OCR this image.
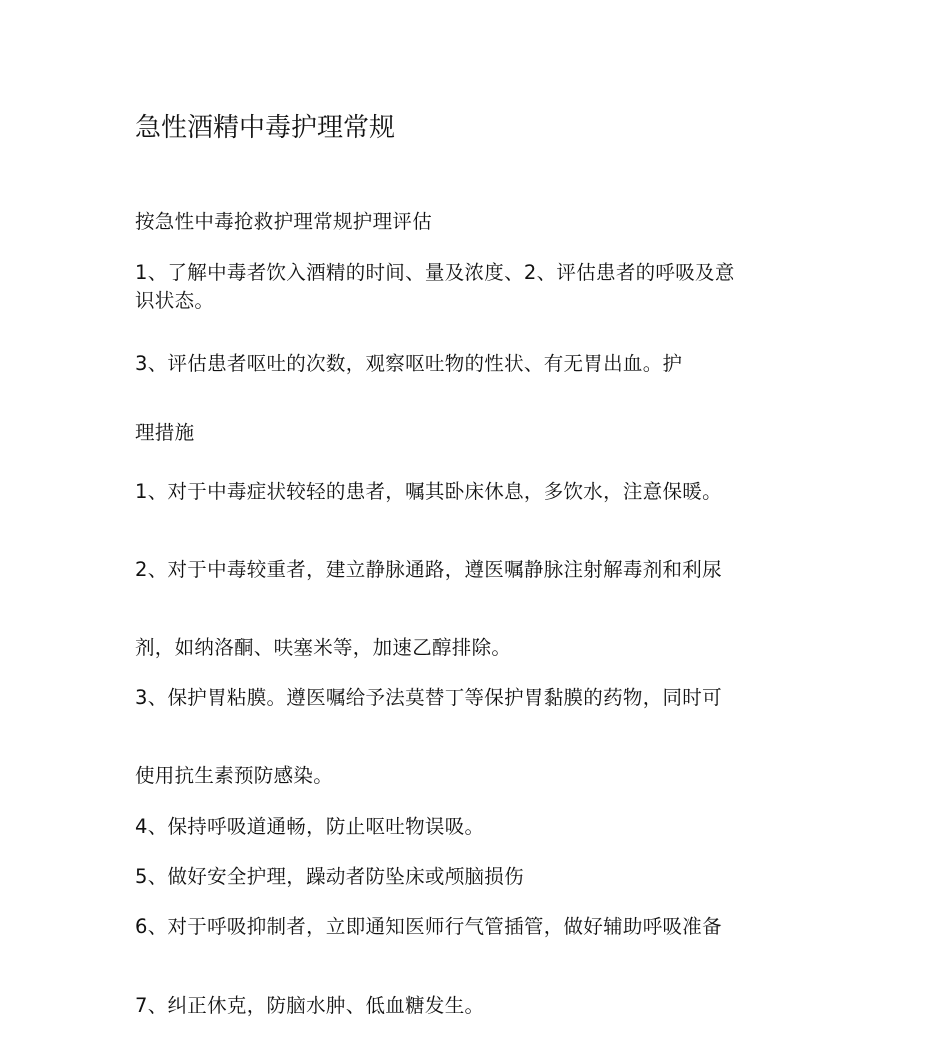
急性酒精中毒护理常规

按急性中毒抢救护理常规护理评估

1、了解中毒者饮入酒精的时间、量及浓度、2、评估患者的呼吸及意识状态。

3、评估患者呕吐的次数，观察呕吐物的性状、有无胃出血。护

理措施

1、对于中毒症状较轻的患者，嘱其卧床休息，多饮水，注意保暖。

2、对于中毒较重者，建立静脉通路，遵医嘱静脉注射解毒剂和利尿

剂，如纳洛酮、呋塞米等，加速乙醇排除。

3、保护胃粘膜。遵医嘱给予法莫替丁等保护胃黏膜的药物，同时可

使用抗生素预防感染。

4、保持呼吸道通畅，防止呕吐物误吸。

5、做好安全护理，躁动者防坠床或颅脑损伤

6、对于呼吸抑制者，立即通知医师行气管插管，做好辅助呼吸准备

7、纠正休克，防脑水肿、低血糖发生。
